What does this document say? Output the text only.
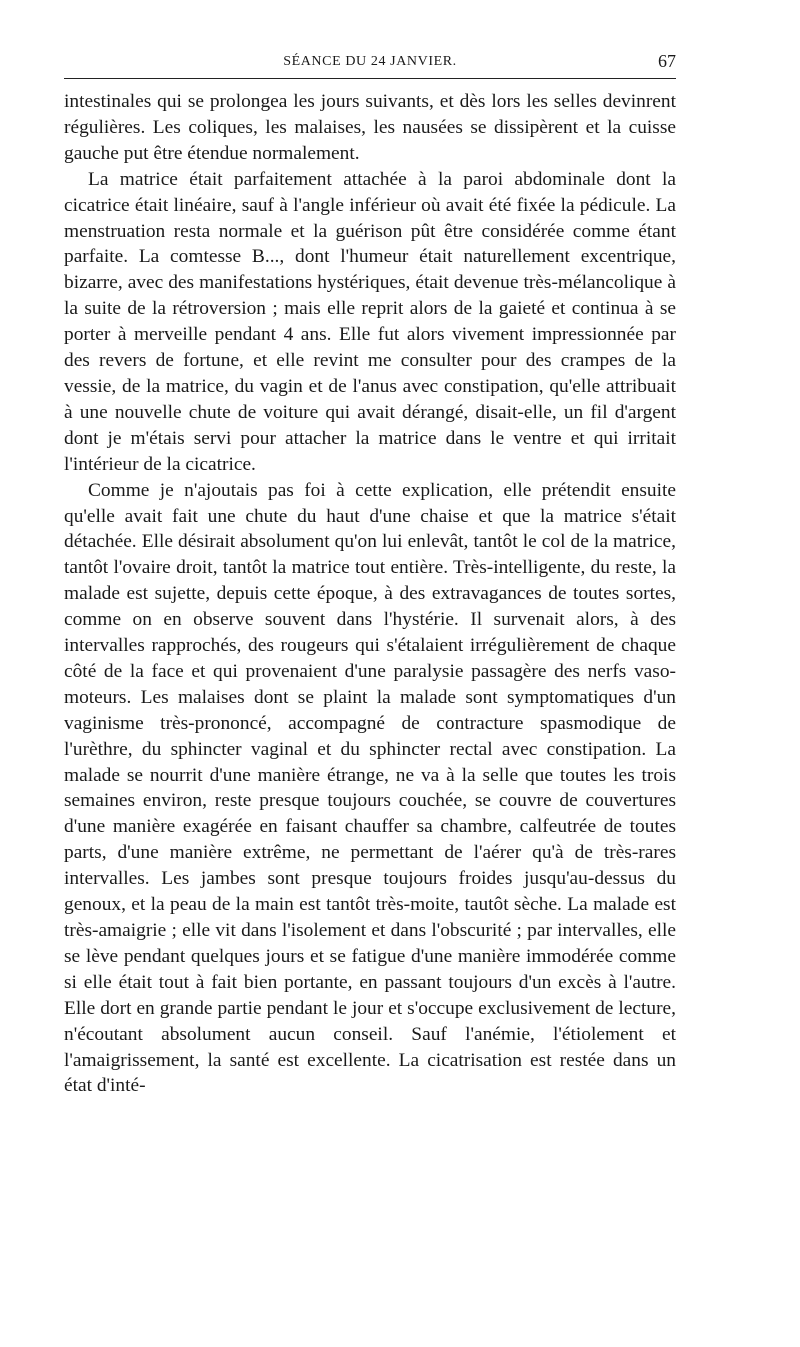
SÉANCE DU 24 JANVIER.	67

intestinales qui se prolongea les jours suivants, et dès lors les selles devinrent régulières. Les coliques, les malaises, les nausées se dissipèrent et la cuisse gauche put être étendue normalement.

La matrice était parfaitement attachée à la paroi abdominale dont la cicatrice était linéaire, sauf à l'angle inférieur où avait été fixée la pédicule. La menstruation resta normale et la guérison pût être considérée comme étant parfaite. La comtesse B..., dont l'humeur était naturellement excentrique, bizarre, avec des manifestations hystériques, était devenue très-mélancolique à la suite de la rétroversion ; mais elle reprit alors de la gaieté et continua à se porter à merveille pendant 4 ans. Elle fut alors vivement impressionnée par des revers de fortune, et elle revint me consulter pour des crampes de la vessie, de la matrice, du vagin et de l'anus avec constipation, qu'elle attribuait à une nouvelle chute de voiture qui avait dérangé, disait-elle, un fil d'argent dont je m'étais servi pour attacher la matrice dans le ventre et qui irritait l'intérieur de la cicatrice.

Comme je n'ajoutais pas foi à cette explication, elle prétendit ensuite qu'elle avait fait une chute du haut d'une chaise et que la matrice s'était détachée. Elle désirait absolument qu'on lui enlevât, tantôt le col de la matrice, tantôt l'ovaire droit, tantôt la matrice tout entière. Très-intelligente, du reste, la malade est sujette, depuis cette époque, à des extravagances de toutes sortes, comme on en observe souvent dans l'hystérie. Il survenait alors, à des intervalles rapprochés, des rougeurs qui s'étalaient irrégulièrement de chaque côté de la face et qui provenaient d'une paralysie passagère des nerfs vaso-moteurs. Les malaises dont se plaint la malade sont symptomatiques d'un vaginisme très-prononcé, accompagné de contracture spasmodique de l'urèthre, du sphincter vaginal et du sphincter rectal avec constipation. La malade se nourrit d'une manière étrange, ne va à la selle que toutes les trois semaines environ, reste presque toujours couchée, se couvre de couvertures d'une manière exagérée en faisant chauffer sa chambre, calfeutrée de toutes parts, d'une manière extrême, ne permettant de l'aérer qu'à de très-rares intervalles. Les jambes sont presque toujours froides jusqu'au-dessus du genoux, et la peau de la main est tantôt très-moite, tautôt sèche. La malade est très-amaigrie ; elle vit dans l'isolement et dans l'obscurité ; par intervalles, elle se lève pendant quelques jours et se fatigue d'une manière immodérée comme si elle était tout à fait bien portante, en passant toujours d'un excès à l'autre. Elle dort en grande partie pendant le jour et s'occupe exclusivement de lecture, n'écoutant absolument aucun conseil. Sauf l'anémie, l'étiolement et l'amaigrissement, la santé est excellente. La cicatrisation est restée dans un état d'inté-
